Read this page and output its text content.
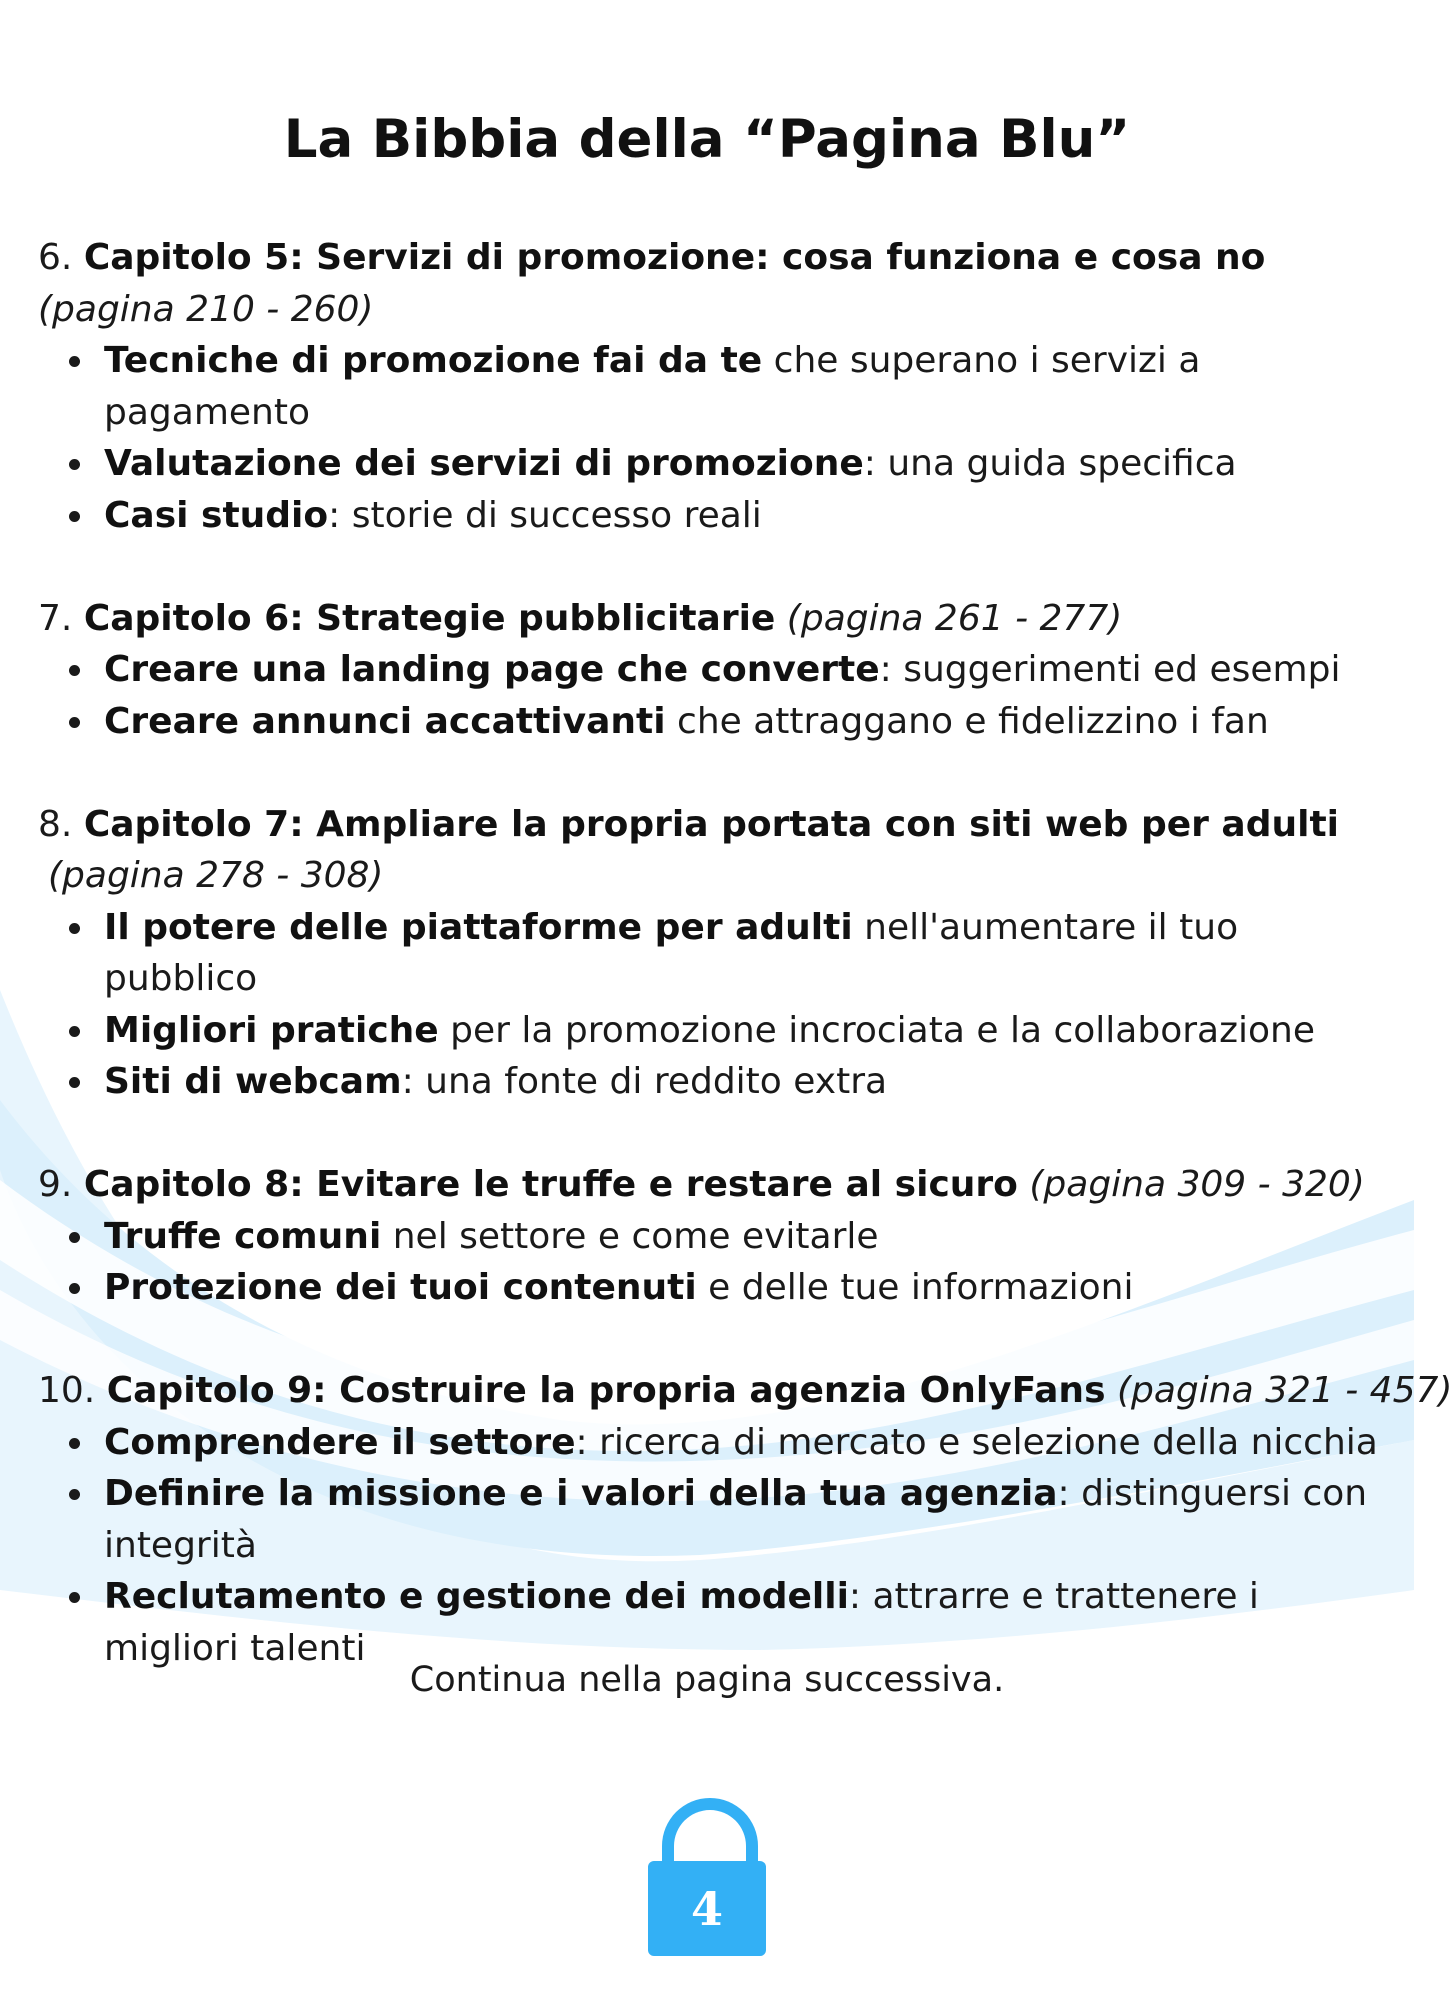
La Bibbia della “Pagina Blu”

6. Capitolo 5: Servizi di promozione: cosa funziona e cosa no

(pagina 210 - 260)

Tecniche di promozione fai da te che superano i servizi a pagamento
Valutazione dei servizi di promozione: una guida specifica
Casi studio: storie di successo reali

7. Capitolo 6: Strategie pubblicitarie (pagina 261 - 277)

Creare una landing page che converte: suggerimenti ed esempi
Creare annunci accattivanti che attraggano e fidelizzino i fan

8. Capitolo 7: Ampliare la propria portata con siti web per adulti

(pagina 278 - 308)

Il potere delle piattaforme per adulti nell'aumentare il tuo pubblico
Migliori pratiche per la promozione incrociata e la collaborazione
Siti di webcam: una fonte di reddito extra

9. Capitolo 8: Evitare le truffe e restare al sicuro (pagina 309 - 320)

Truffe comuni nel settore e come evitarle
Protezione dei tuoi contenuti e delle tue informazioni

10. Capitolo 9: Costruire la propria agenzia OnlyFans (pagina 321 - 457)

Comprendere il settore: ricerca di mercato e selezione della nicchia
Definire la missione e i valori della tua agenzia: distinguersi con integrità
Reclutamento e gestione dei modelli: attrarre e trattenere i migliori talenti

Continua nella pagina successiva.

4
